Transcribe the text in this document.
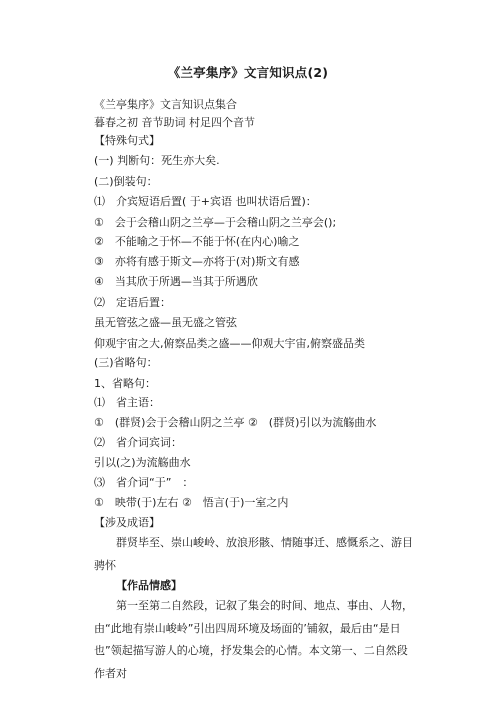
《兰亭集序》文言知识点(2)
《兰亭集序》文言知识点集合
暮春之初 音节助词 村足四个音节
【特殊句式】
(一) 判断句：死生亦大矣.
(二)倒装句：
⑴　介宾短语后置( 于+宾语 也叫状语后置)：
①　会于会稽山阴之兰亭—于会稽山阴之兰亭会();
②　不能喻之于怀—不能于怀(在内心)喻之
③　亦将有感于斯文—亦将于(对)斯文有感
④　当其欣于所遇—当其于所遇欣
⑵　定语后置：
虽无管弦之盛—虽无盛之管弦
仰观宇宙之大,俯察品类之盛——仰观大宇宙,俯察盛品类
(三)省略句：
1、省略句：
⑴　省主语：
①　(群贤)会于会稽山阴之兰亭 ②　(群贤)引以为流觞曲水
⑵　省介词宾词：
引以(之)为流觞曲水
⑶　省介词“于”　：
①　映带(于)左右 ②　悟言(于)一室之内
【涉及成语】
群贤毕至、崇山峻岭、放浪形骸、情随事迁、感慨系之、游目骋怀
【作品情感】
第一至第二自然段，记叙了集会的时间、地点、事由、人物，由“此地有崇山峻岭”引出四周环境及场面的’铺叙，最后由“是日也”领起描写游人的心境，抒发集会的心情。本文第一、二自然段作者对
